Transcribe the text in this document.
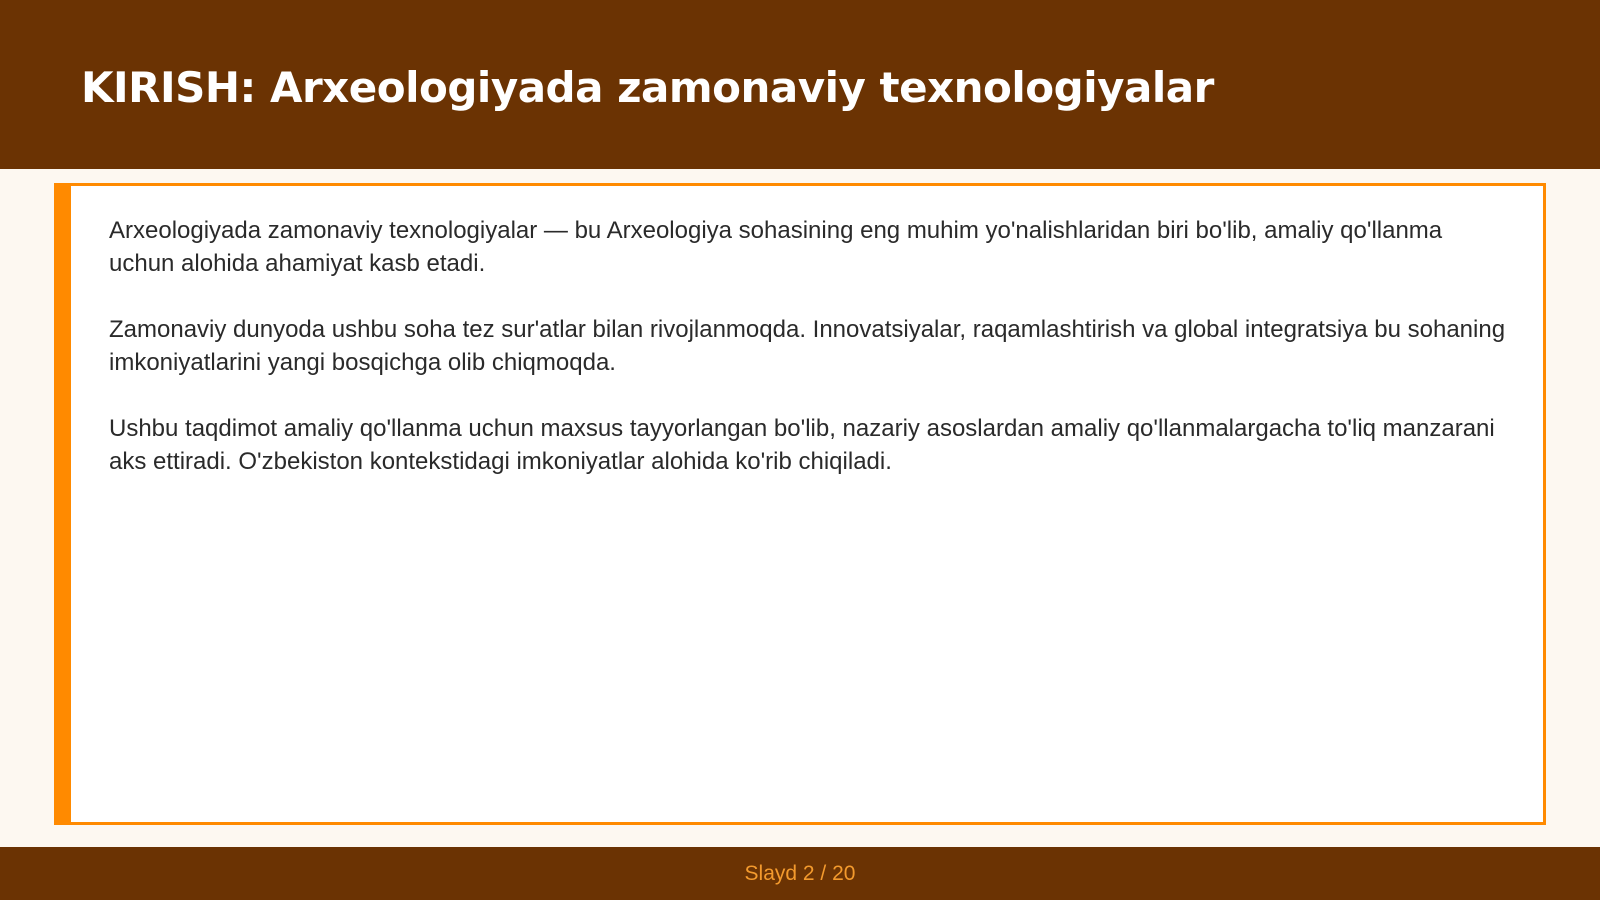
KIRISH: Arxeologiyada zamonaviy texnologiyalar

Arxeologiyada zamonaviy texnologiyalar — bu Arxeologiya sohasining eng muhim yo'nalishlaridan biri bo'lib, amaliy qo'llanma uchun alohida ahamiyat kasb etadi.

Zamonaviy dunyoda ushbu soha tez sur'atlar bilan rivojlanmoqda. Innovatsiyalar, raqamlashtirish va global integratsiya bu sohaning imkoniyatlarini yangi bosqichga olib chiqmoqda.

Ushbu taqdimot amaliy qo'llanma uchun maxsus tayyorlangan bo'lib, nazariy asoslardan amaliy qo'llanmalargacha to'liq manzarani aks ettiradi. O'zbekiston kontekstidagi imkoniyatlar alohida ko'rib chiqiladi.

Slayd 2 / 20
